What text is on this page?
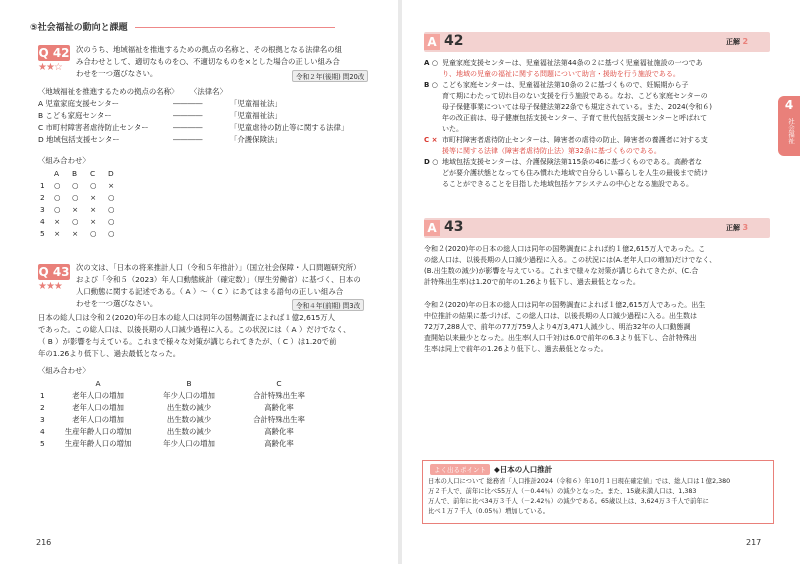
⑤社会福祉の動向と課題
Q 42
★★☆
次のうち、地域福祉を推進するための拠点の名称と、その根拠となる法律名の組
み合わせとして、適切なものを○、不適切なものを×とした場合の正しい組み合
わせを一つ選びなさい。	令和２年(後期) 問20改
〈地域福祉を推進するための拠点の名称〉	〈法律名〉
A 児童家庭支援センター	――――	「児童福祉法」
B こども家庭センター	――――	「児童福祉法」
C 市町村障害者虐待防止センター	――――	「児童虐待の防止等に関する法律」
D 地域包括支援センター	――――	「介護保険法」
〈組み合わせ〉
	A	B	C	D
1	○	○	○	×
2	○	○	×	○
3	○	×	×	○
4	×	○	×	○
5	×	×	○	○
Q 43
★★★
次の文は、「日本の将来推計人口（令和５年推計）」（国立社会保障・人口問題研究所）
および「令和５（2023）年人口動態統計（確定数）」（厚生労働省）に基づく、日本の
人口動態に関する記述である。（ A ）～（ C ）にあてはまる語句の正しい組み合
わせを一つ選びなさい。	令和４年(前期) 問3改
日本の総人口は令和２(2020)年の日本の総人口は同年の国勢調査によれば１億2,615万人
であった。この総人口は、以後長期の人口減少過程に入る。この状況には（ A ）だけでなく、
（ B ）が影響を与えている。これまで様々な対策が講じられてきたが、（ C ）は1.20で前
年の1.26より低下し、過去最低となった。
〈組み合わせ〉
	A	B	C
1	老年人口の増加	年少人口の増加	合計特殊出生率
2	老年人口の増加	出生数の減少	高齢化率
3	老年人口の増加	出生数の減少	合計特殊出生率
4	生産年齢人口の増加	出生数の減少	高齢化率
5	生産年齢人口の増加	年少人口の増加	高齢化率
216
A 42	正解 2
A ○ 児童家庭支援センターは、児童福祉法第44条の２に基づく児童福祉施設の一つであ
り、地域の児童の福祉に関する問題について助言・援助を行う施設である。
B ○ こども家庭センターは、児童福祉法第10条の２に基づくもので、妊娠期から子
育て期にわたって切れ目のない支援を行う施設である。なお、こども家庭センターの
母子保健事業については母子保健法第22条でも規定されている。また、2024(令和６)
年の改正前は、母子健康包括支援センター、子育て世代包括支援センターと呼ばれて
いた。
C × 市町村障害者虐待防止センターは、障害者の虐待の防止、障害者の養護者に対する支
援等に関する法律（障害者虐待防止法）第32条に基づくものである。
D ○ 地域包括支援センターは、介護保険法第115条の46に基づくものである。高齢者な
どが要介護状態となっても住み慣れた地域で自分らしい暮らしを人生の最後まで続け
ることができることを目指した地域包括ケアシステムの中心となる施設である。
A 43	正解 3
令和２(2020)年の日本の総人口は同年の国勢調査によれば約１億2,615万人であった。こ
の総人口は、以後長期の人口減少過程に入る。この状況には(A.老年人口の増加)だけでなく、
(B.出生数の減少)が影響を与えている。これまで様々な対策が講じられてきたが、(C.合
計特殊出生率)は1.20で前年の1.26より低下し、過去最低となった。
令和２(2020)年の日本の総人口は同年の国勢調査によれば１億2,615万人であった。出生
中位推計の結果に基づけば、この総人口は、以後長期の人口減少過程に入る。出生数は
72万7,288人で、前年の77万759人より4万3,471人減少し、明治32年の人口動態調
査開始以来最少となった。出生率(人口千対)は6.0で前年の6.3より低下し、合計特殊出
生率は同上で前年の1.26より低下し、過去最低となった。
よく出るポイント	◆日本の人口推計
日本の人口について 総務省「人口推計2024（令和６）年10月１日現在確定値」では、総人口は１億2,380
万２千人で、前年に比べ55万人（－0.44％）の減少となった。また、15歳未満人口は、1,383
万人で、前年に比べ34万３千人（－2.42％）の減少である。65歳以上は、3,624万３千人で前年に
比べ１万７千人（0.05％）増加している。
4
社会福祉
217
